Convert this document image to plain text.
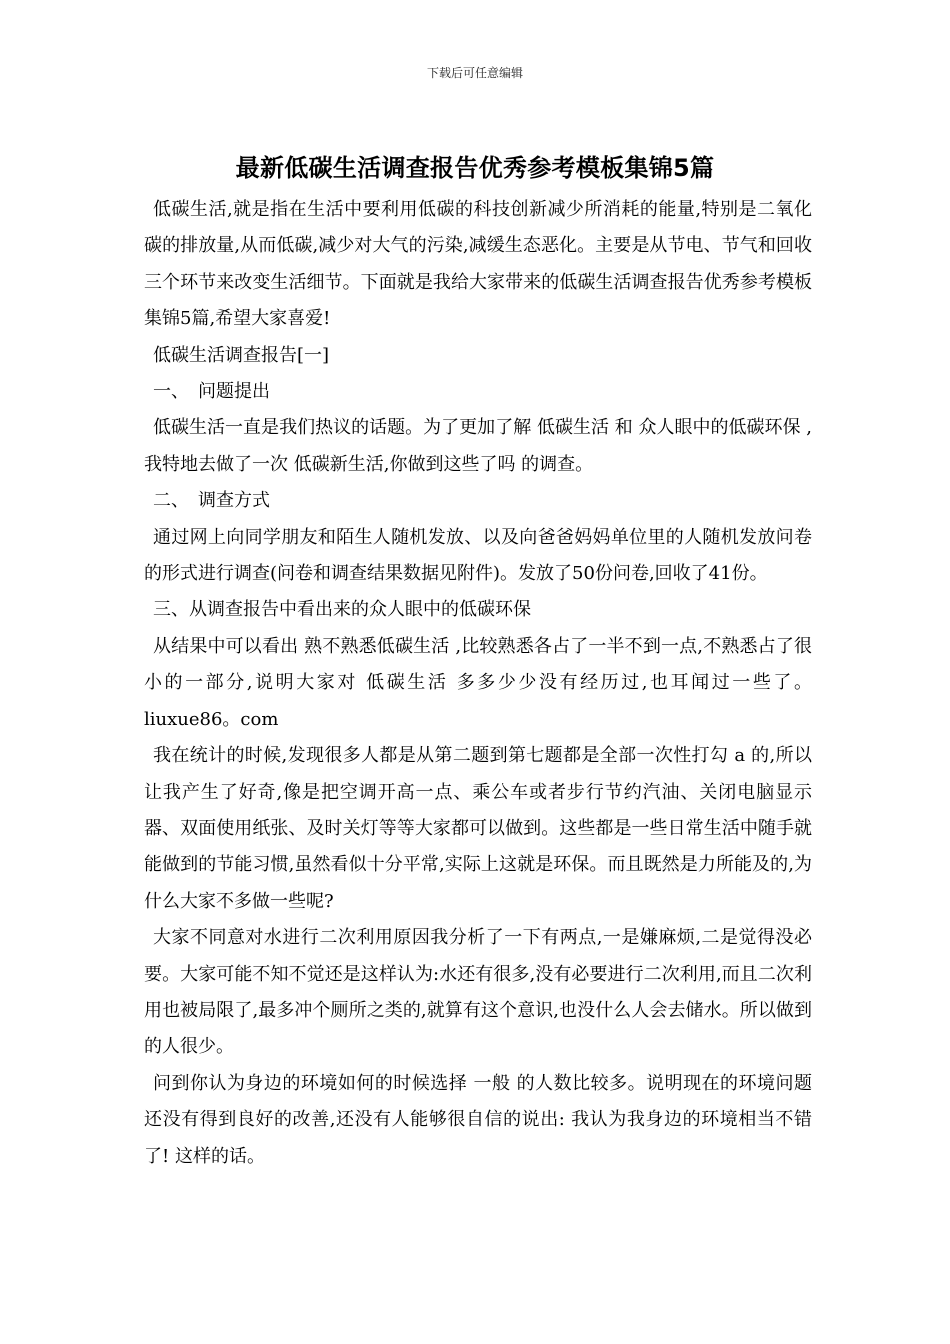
下载后可任意编辑
最新低碳生活调查报告优秀参考模板集锦5篇

低碳生活,就是指在生活中要利用低碳的科技创新减少所消耗的能量,特别是二氧化碳的排放量,从而低碳,减少对大气的污染,减缓生态恶化。主要是从节电、节气和回收三个环节来改变生活细节。下面就是我给大家带来的低碳生活调查报告优秀参考模板集锦5篇,希望大家喜爱!

低碳生活调查报告[一]

一、　问题提出

低碳生活一直是我们热议的话题。为了更加了解 低碳生活 和 众人眼中的低碳环保 ,我特地去做了一次 低碳新生活,你做到这些了吗 的调查。

二、　调查方式

通过网上向同学朋友和陌生人随机发放、以及向爸爸妈妈单位里的人随机发放问卷的形式进行调查(问卷和调查结果数据见附件)。发放了50份问卷,回收了41份。

三、从调查报告中看出来的众人眼中的低碳环保

从结果中可以看出 熟不熟悉低碳生活 ,比较熟悉各占了一半不到一点,不熟悉占了很小的一部分,说明大家对 低碳生活 多多少少没有经历过,也耳闻过一些了。liuxue86。com

我在统计的时候,发现很多人都是从第二题到第七题都是全部一次性打勾 a 的,所以让我产生了好奇,像是把空调开高一点、乘公车或者步行节约汽油、关闭电脑显示器、双面使用纸张、及时关灯等等大家都可以做到。这些都是一些日常生活中随手就能做到的节能习惯,虽然看似十分平常,实际上这就是环保。而且既然是力所能及的,为什么大家不多做一些呢?

大家不同意对水进行二次利用原因我分析了一下有两点,一是嫌麻烦,二是觉得没必要。大家可能不知不觉还是这样认为:水还有很多,没有必要进行二次利用,而且二次利用也被局限了,最多冲个厕所之类的,就算有这个意识,也没什么人会去储水。所以做到的人很少。

问到你认为身边的环境如何的时候选择 一般 的人数比较多。说明现在的环境问题还没有得到良好的改善,还没有人能够很自信的说出: 我认为我身边的环境相当不错了! 这样的话。
